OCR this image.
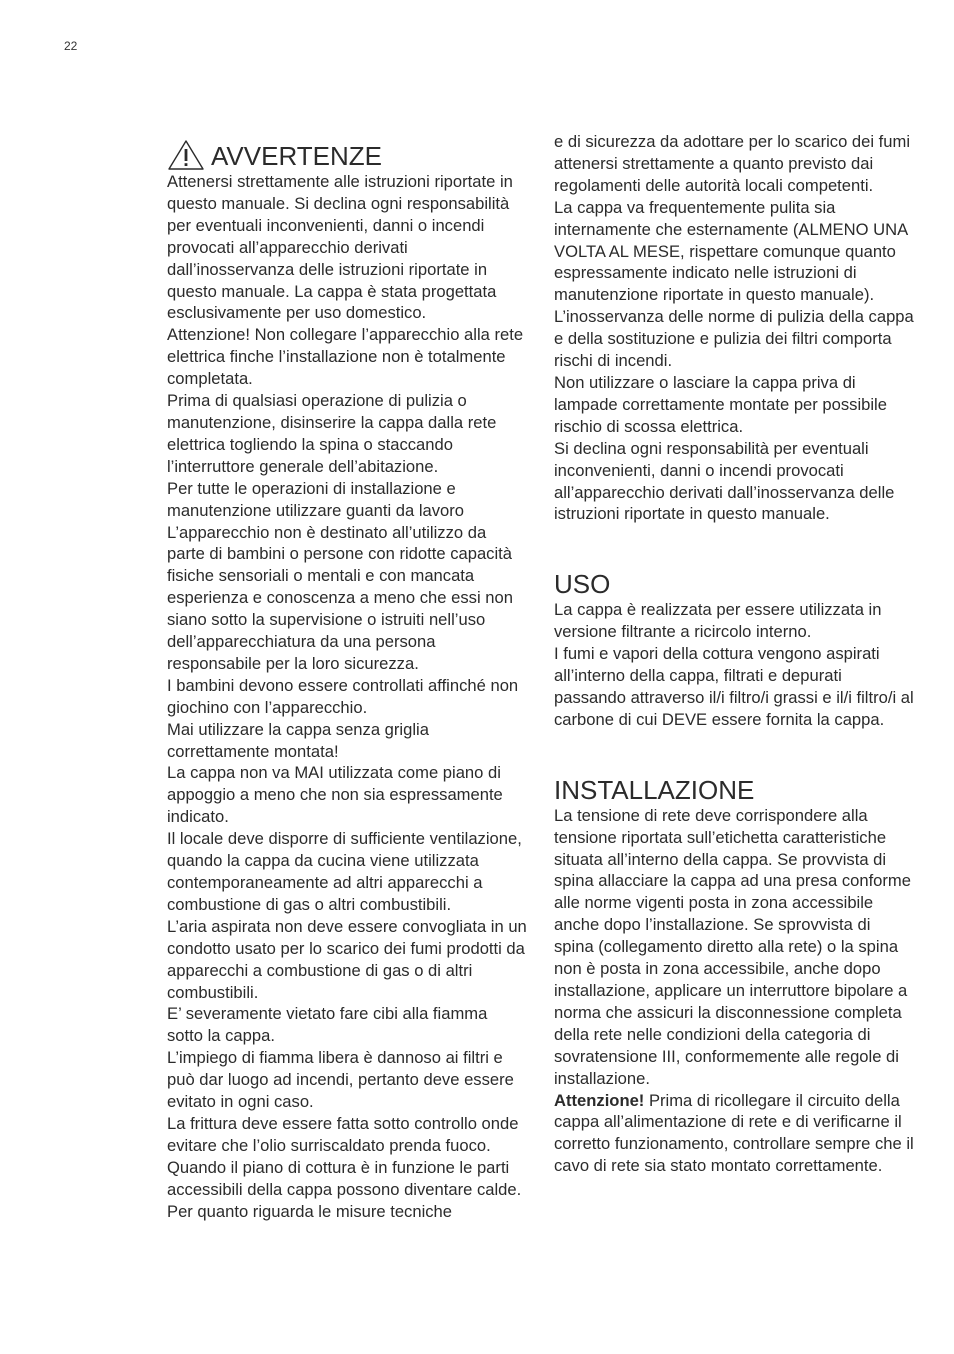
22
AVVERTENZE

Attenersi strettamente alle istruzioni riportate in questo manuale. Si declina ogni responsabilità per eventuali inconvenienti, danni o incendi provocati all’apparecchio derivati dall’inosservanza delle istruzioni riportate in questo manuale. La cappa è stata progettata esclusivamente per uso domestico.

Attenzione! Non collegare l’apparecchio alla rete elettrica finche l’installazione non è totalmente completata.

Prima di qualsiasi operazione di pulizia o manutenzione, disinserire la cappa dalla rete elettrica togliendo la spina o staccando l’interruttore generale dell’abitazione.

Per tutte le operazioni di installazione e manutenzione utilizzare guanti da lavoro

L’apparecchio non è destinato all’utilizzo da parte di bambini o persone con ridotte capacità fisiche sensoriali o mentali e con mancata esperienza e conoscenza a meno che essi non siano sotto la supervisione o istruiti nell’uso dell’apparecchiatura da una persona responsabile per la loro sicurezza.

I bambini devono essere controllati affinché non giochino con l’apparecchio.

Mai utilizzare la cappa senza griglia correttamente montata!

La cappa non va MAI utilizzata come piano di appoggio a meno che non sia espressamente indicato.

Il locale deve disporre di sufficiente ventilazione, quando la cappa da cucina viene utilizzata contemporaneamente ad altri apparecchi a combustione di gas o altri combustibili.

L’aria aspirata non deve essere convogliata in un condotto usato per lo scarico dei fumi prodotti da apparecchi a combustione di gas o di altri combustibili.

E’ severamente vietato fare cibi alla fiamma sotto la cappa.

L’impiego di fiamma libera è dannoso ai filtri e può dar luogo ad incendi, pertanto deve essere evitato in ogni caso.

La frittura deve essere fatta sotto controllo onde evitare che l’olio surriscaldato prenda fuoco.

Quando il piano di cottura è in funzione le parti accessibili della cappa possono diventare calde.

Per quanto riguarda le misure tecniche

e di sicurezza da adottare per lo scarico dei fumi attenersi strettamente a quanto previsto dai regolamenti delle autorità locali competenti.

La cappa va frequentemente pulita sia internamente che esternamente (ALMENO UNA VOLTA AL MESE, rispettare comunque quanto espressamente indicato nelle istruzioni di manutenzione riportate in questo manuale).

L’inosservanza delle norme di pulizia della cappa e della sostituzione e pulizia dei filtri comporta rischi di incendi.

Non utilizzare o lasciare la cappa priva di lampade correttamente montate per possibile rischio di scossa elettrica.

Si declina ogni responsabilità per eventuali inconvenienti, danni o incendi provocati all’apparecchio derivati dall’inosservanza delle istruzioni riportate in questo manuale.

USO

La cappa è realizzata per essere utilizzata in versione filtrante a ricircolo interno.

I fumi e vapori della cottura vengono aspirati all’interno della cappa, filtrati e depurati passando attraverso il/i filtro/i grassi e il/i filtro/i al carbone di cui DEVE essere fornita la cappa.

INSTALLAZIONE

La tensione di rete deve corrispondere alla tensione riportata sull’etichetta caratteristiche situata all’interno della cappa. Se provvista di spina allacciare la cappa ad una presa conforme alle norme vigenti posta in zona accessibile anche dopo l’installazione. Se sprovvista di spina (collegamento diretto alla rete) o la spina non è posta in zona accessibile, anche dopo installazione, applicare un interruttore bipolare a norma che assicuri la disconnessione completa della rete nelle condizioni della categoria di sovratensione III, conformemente alle regole di installazione.

Attenzione! Prima di ricollegare il circuito della cappa all’alimentazione di rete e di verificarne il corretto funzionamento, controllare sempre che il cavo di rete sia stato montato correttamente.
